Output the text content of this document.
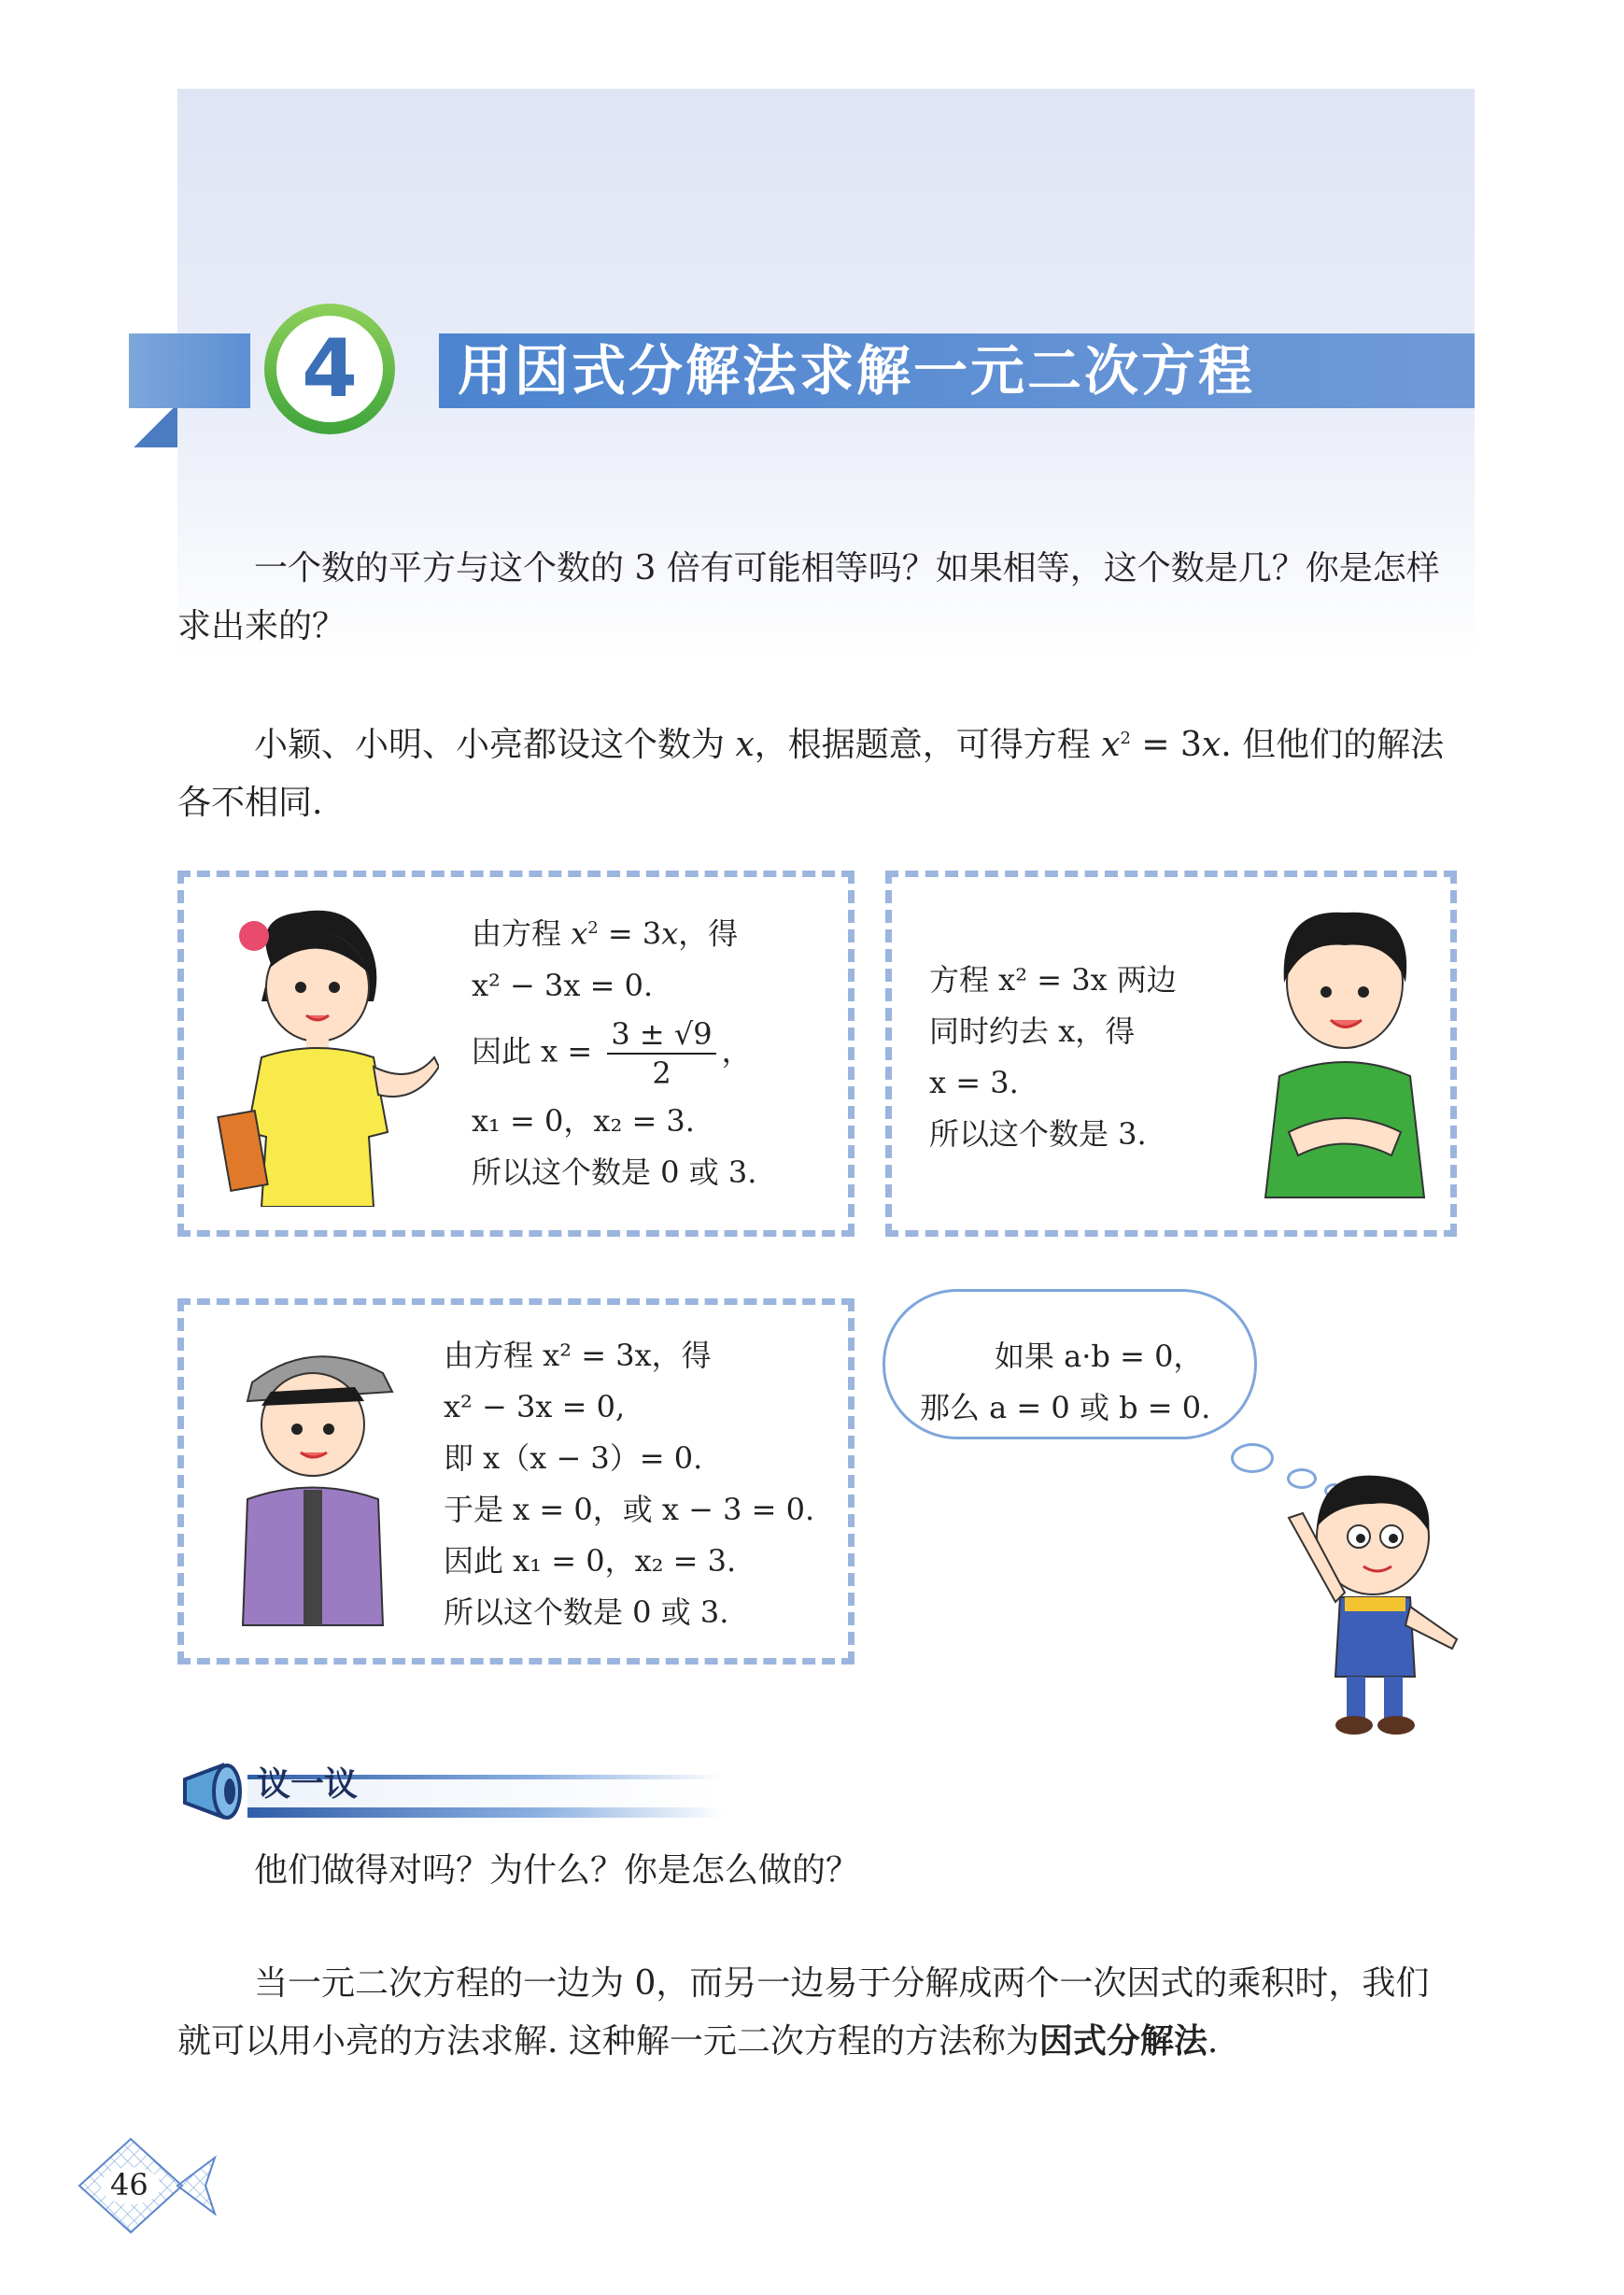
用因式分解法求解一元二次方程
4
一个数的平方与这个数的 3 倍有可能相等吗？如果相等，这个数是几？你是怎样求出来的？
小颖、小明、小亮都设这个数为 x，根据题意，可得方程 $x^2 = 3x$. 但他们的解法各不相同.
由方程 $x^2 = 3x$，得
x² − 3x = 0.
因此 $x = \frac{3 \pm √9}{2}$ ，
x₁ = 0，x₂ = 3.
所以这个数是 0 或 3.
方程 x² = 3x 两边
同时约去 x，得
x = 3.
所以这个数是 3.
由方程 x² = 3x，得
x² − 3x = 0,
即 x（x − 3）= 0.
于是 x = 0，或 x − 3 = 0.
因此 x₁ = 0，x₂ = 3.
所以这个数是 0 或 3.
如果 a·b = 0，
那么 a = 0 或 b = 0.
议一议
他们做得对吗？为什么？你是怎么做的？
当一元二次方程的一边为 0，而另一边易于分解成两个一次因式的乘积时，我们就可以用小亮的方法求解. 这种解一元二次方程的方法称为因式分解法.
46
